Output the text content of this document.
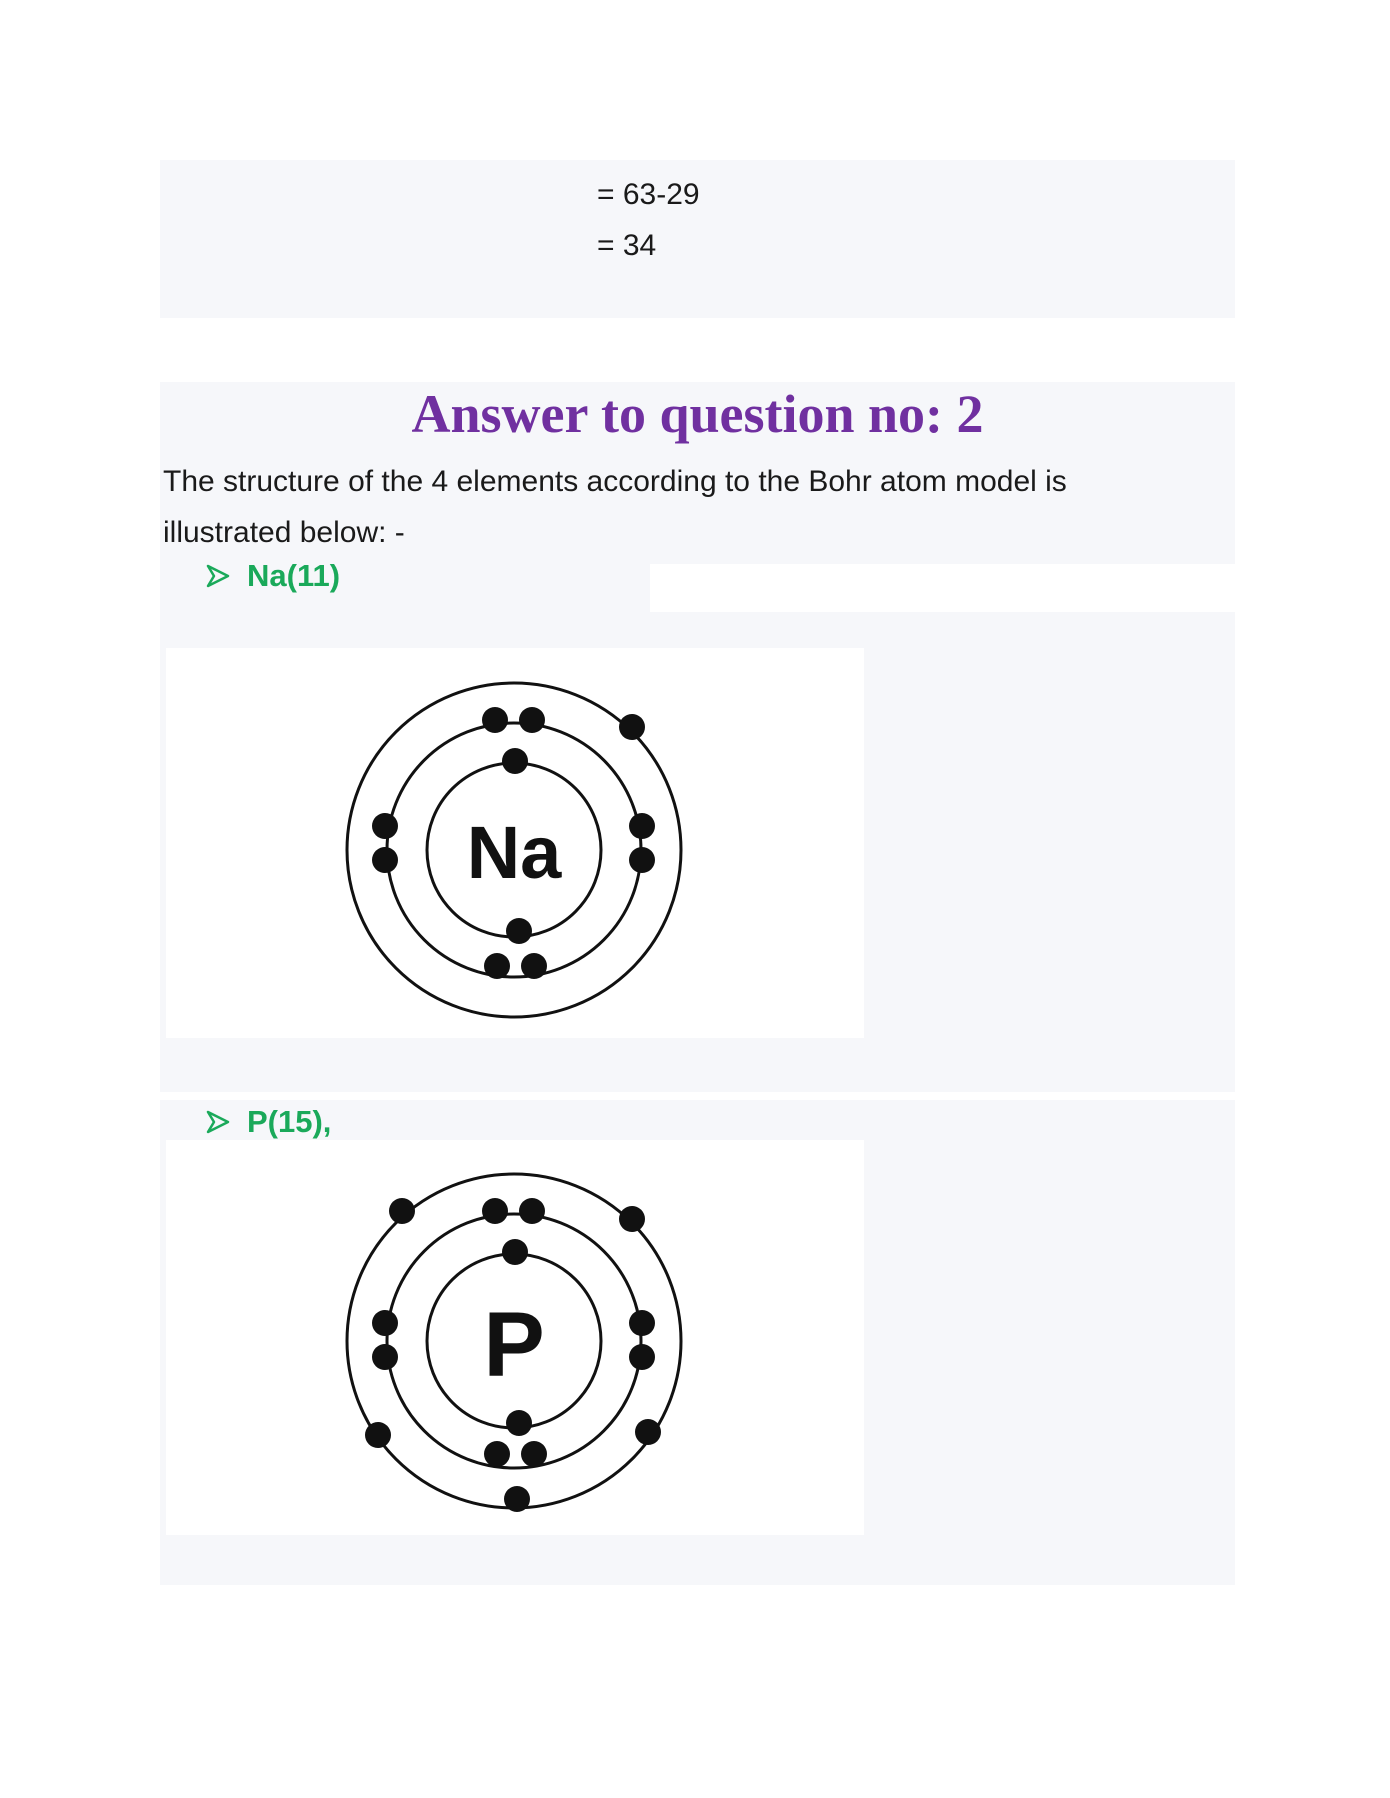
= 63-29
= 34
Answer to question no: 2
The structure of the 4 elements according to the Bohr atom model is illustrated below: -
Na(11)
Na
P(15),
P
